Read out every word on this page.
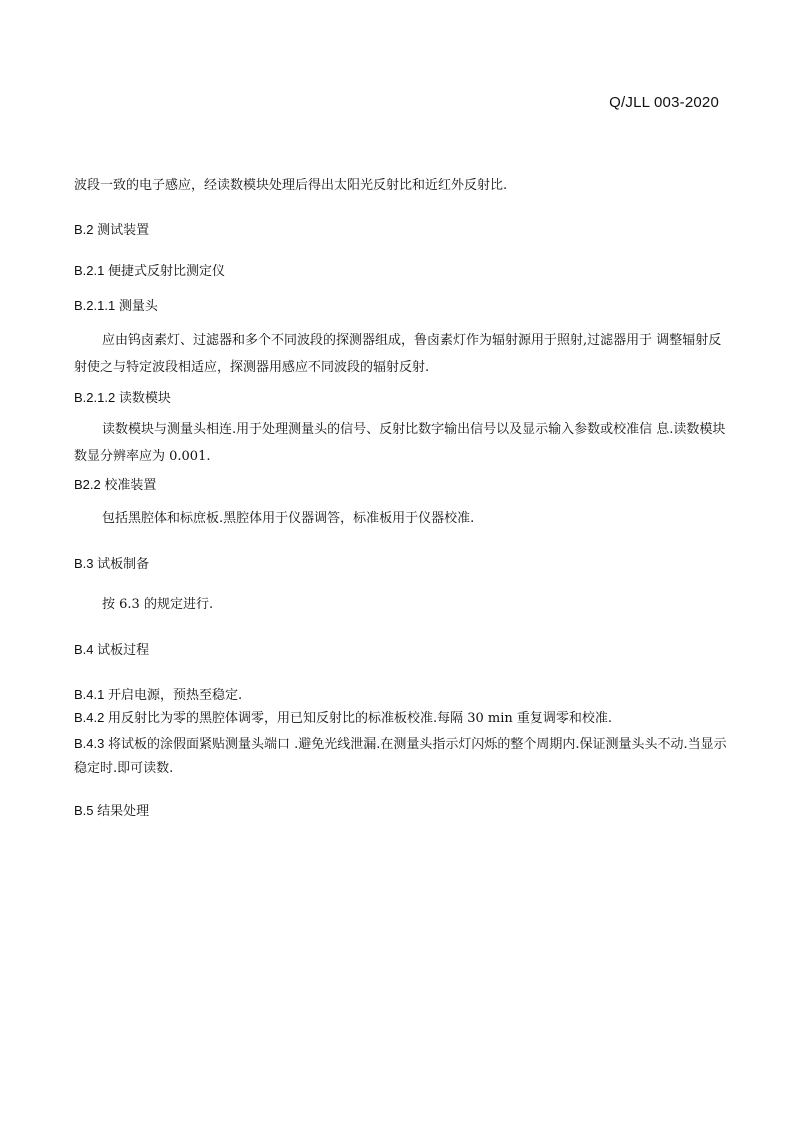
Q/JLL 003-2020
波段一致的电子感应，经读数模块处理后得出太阳光反射比和近红外反射比.
B.2 测试装置
B.2.1 便捷式反射比测定仪
B.2.1.1 测量头
应由钨卤素灯、过滤器和多个不同波段的探测器组成，鲁卤素灯作为辐射源用于照射,过滤器用于 调整辐射反
射使之与特定波段相适应，探测器用感应不同波段的辐射反射.
B.2.1.2 读数模块
读数模块与测量头相连.用于处理测量头的信号、反射比数字输出信号以及显示输入参数或校准信 息.读数模块
数显分辨率应为 0.001.
B2.2 校准装置
包括黑腔体和标庶板.黑腔体用于仪器调答，标准板用于仪器校准.
B.3 试板制备
按 6.3 的规定进行.
B.4 试板过程
B.4.1 开启电源，预热至稳定.
B.4.2 用反射比为零的黑腔体调零，用已知反射比的标准板校准.每隔 30 min 重复调零和校准.
B.4.3 将试板的涂假面紧贴测量头端口 .避免光线泄漏.在测量头指示灯闪烁的整个周期内.保证测量头头不动.当显示
稳定时.即可读数.
B.5 结果处理
